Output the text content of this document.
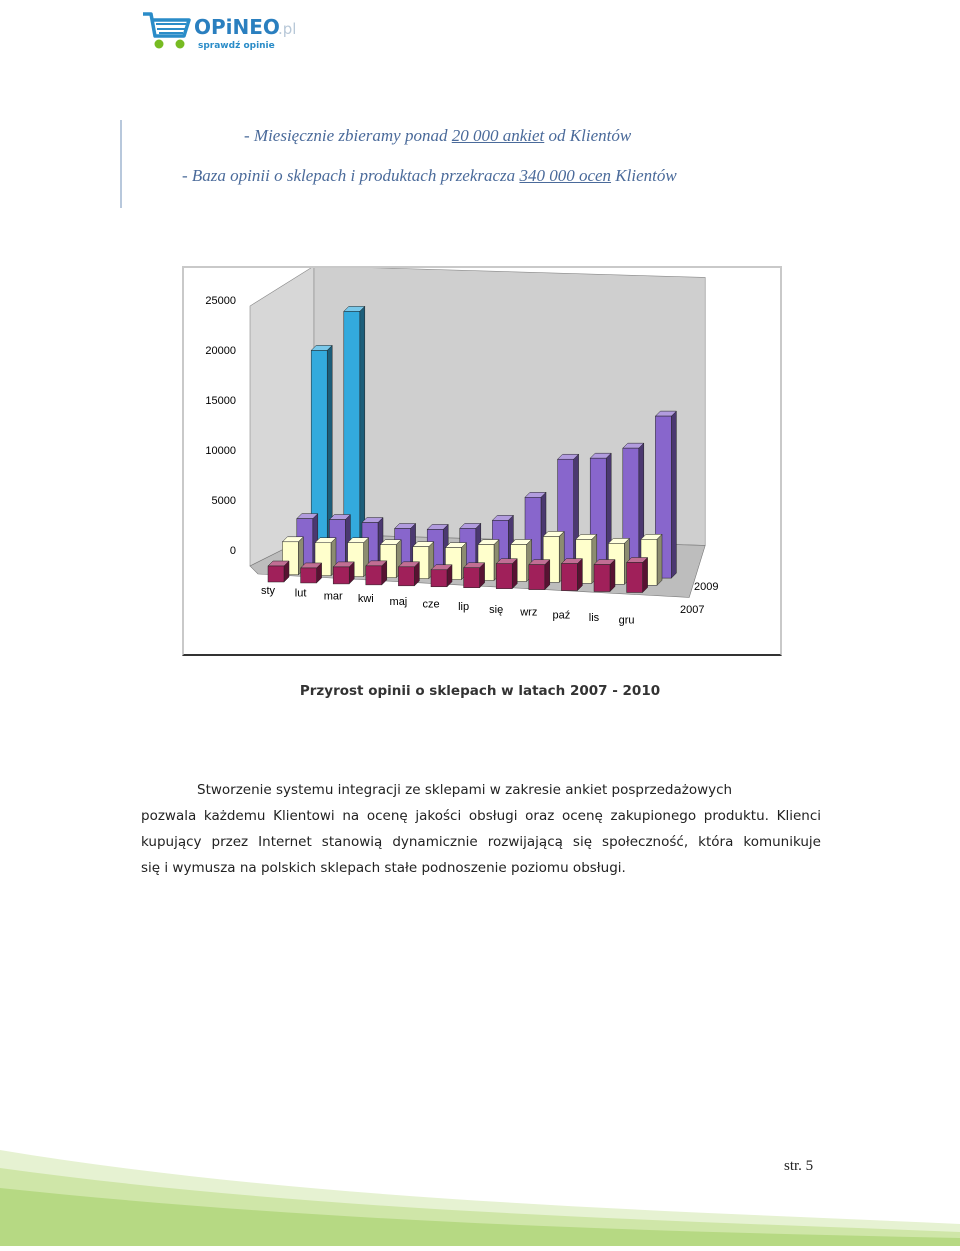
OPiNEO
.pl
sprawdź opinie
- Miesięcznie zbieramy ponad 20 000 ankiet od Klientów
- Baza opinii o sklepach i produktach przekracza 340 000 ocen Klientów
0
5000
10000
15000
20000
25000
sty lut mar kwi maj cze lip się wrz paź lis gru
2009
2007
Przyrost opinii o sklepach w latach 2007 - 2010
Stworzenie systemu integracji ze sklepami w zakresie ankiet posprzedażowych
pozwala każdemu Klientowi na ocenę jakości obsługi oraz ocenę zakupionego produktu. Klienci
kupujący przez Internet stanowią dynamicznie rozwijającą się społeczność, która komunikuje
się i wymusza na polskich sklepach stałe podnoszenie poziomu obsługi.
str. 5
